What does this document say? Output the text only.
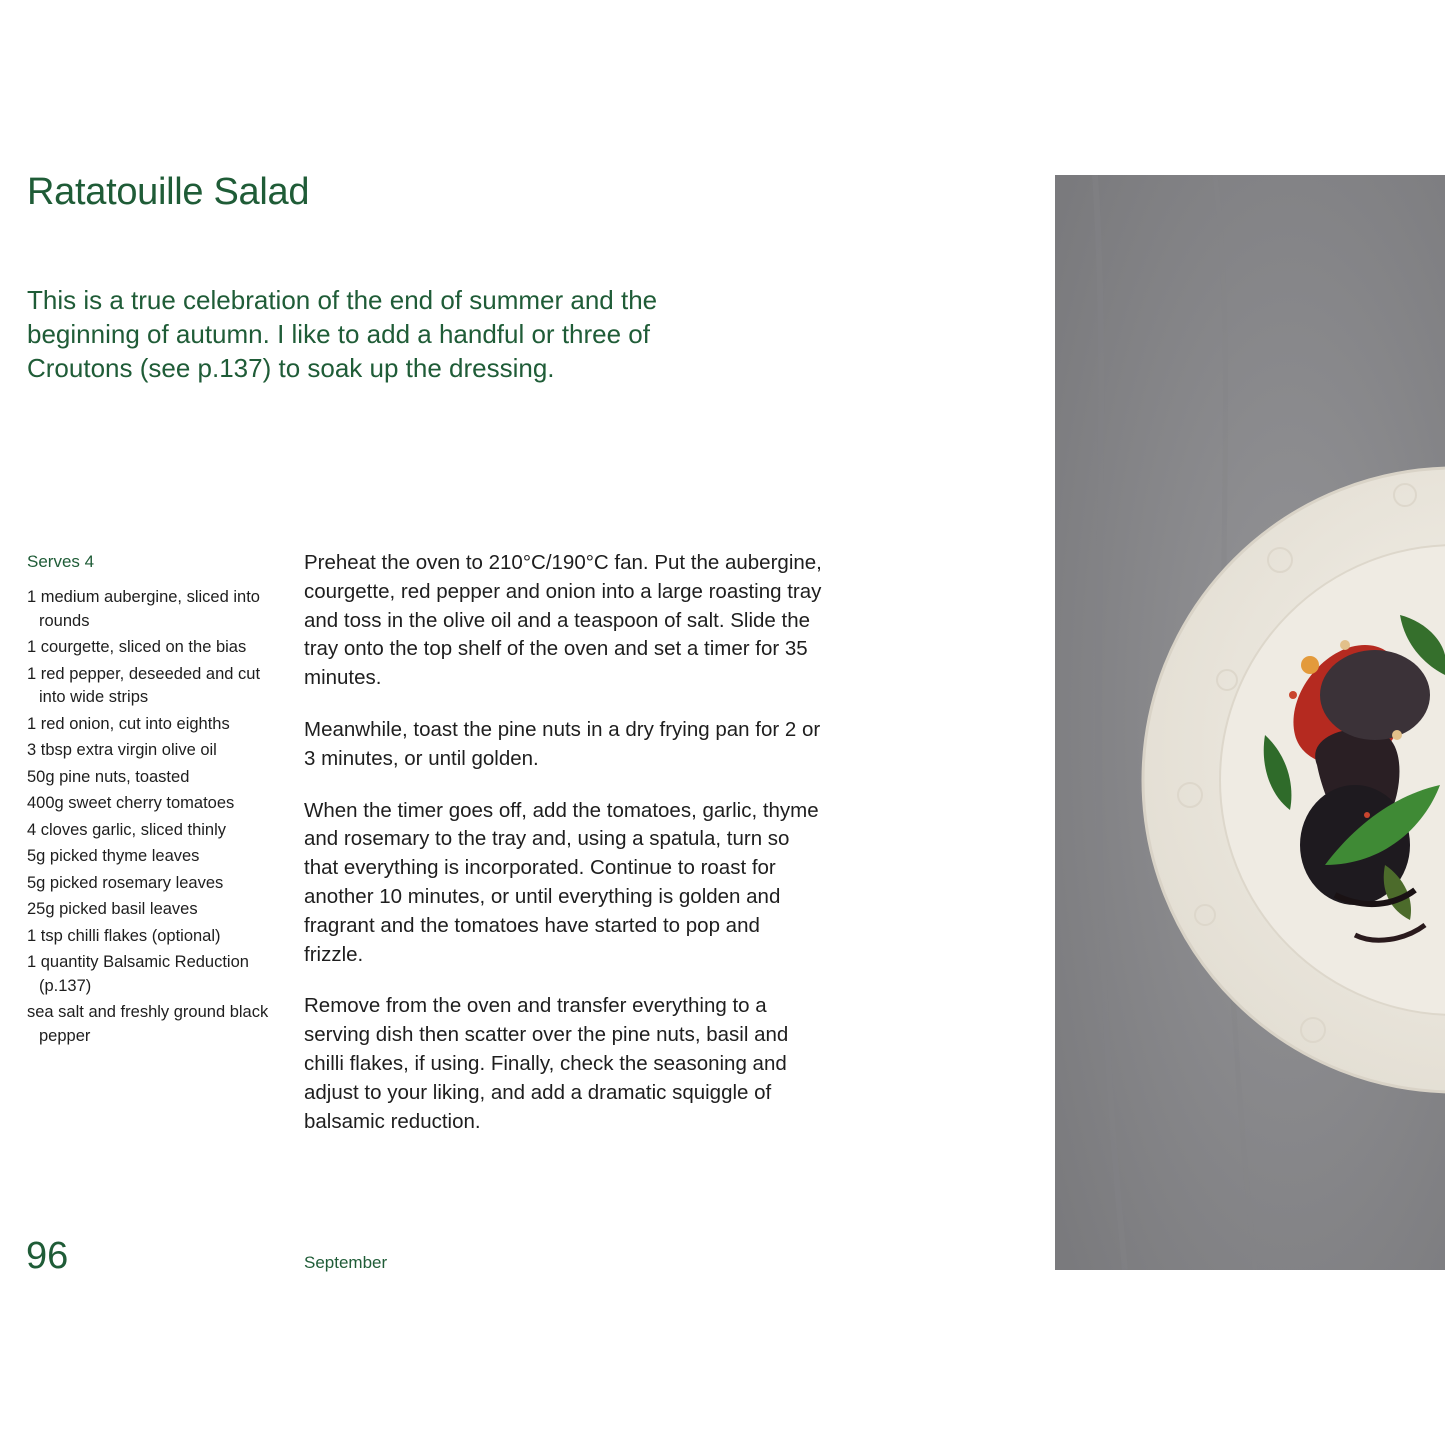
Ratatouille Salad

This is a true celebration of the end of summer and the beginning of autumn. I like to add a handful or three of Croutons (see p.137) to soak up the dressing.

Serves 4

1 medium aubergine, sliced into rounds
1 courgette, sliced on the bias
1 red pepper, deseeded and cut into wide strips
1 red onion, cut into eighths
3 tbsp extra virgin olive oil
50g pine nuts, toasted
400g sweet cherry tomatoes
4 cloves garlic, sliced thinly
5g picked thyme leaves
5g picked rosemary leaves
25g picked basil leaves
1 tsp chilli flakes (optional)
1 quantity Balsamic Reduction (p.137)
sea salt and freshly ground black pepper

Preheat the oven to 210°C/190°C fan. Put the aubergine, courgette, red pepper and onion into a large roasting tray and toss in the olive oil and a teaspoon of salt. Slide the tray onto the top shelf of the oven and set a timer for 35 minutes.

Meanwhile, toast the pine nuts in a dry frying pan for 2 or 3 minutes, or until golden.

When the timer goes off, add the tomatoes, garlic, thyme and rosemary to the tray and, using a spatula, turn so that everything is incorporated. Continue to roast for another 10 minutes, or until everything is golden and fragrant and the tomatoes have started to pop and frizzle.

Remove from the oven and transfer everything to a serving dish then scatter over the pine nuts, basil and chilli flakes, if using. Finally, check the seasoning and adjust to your liking, and add a dramatic squiggle of balsamic reduction.

96	September
